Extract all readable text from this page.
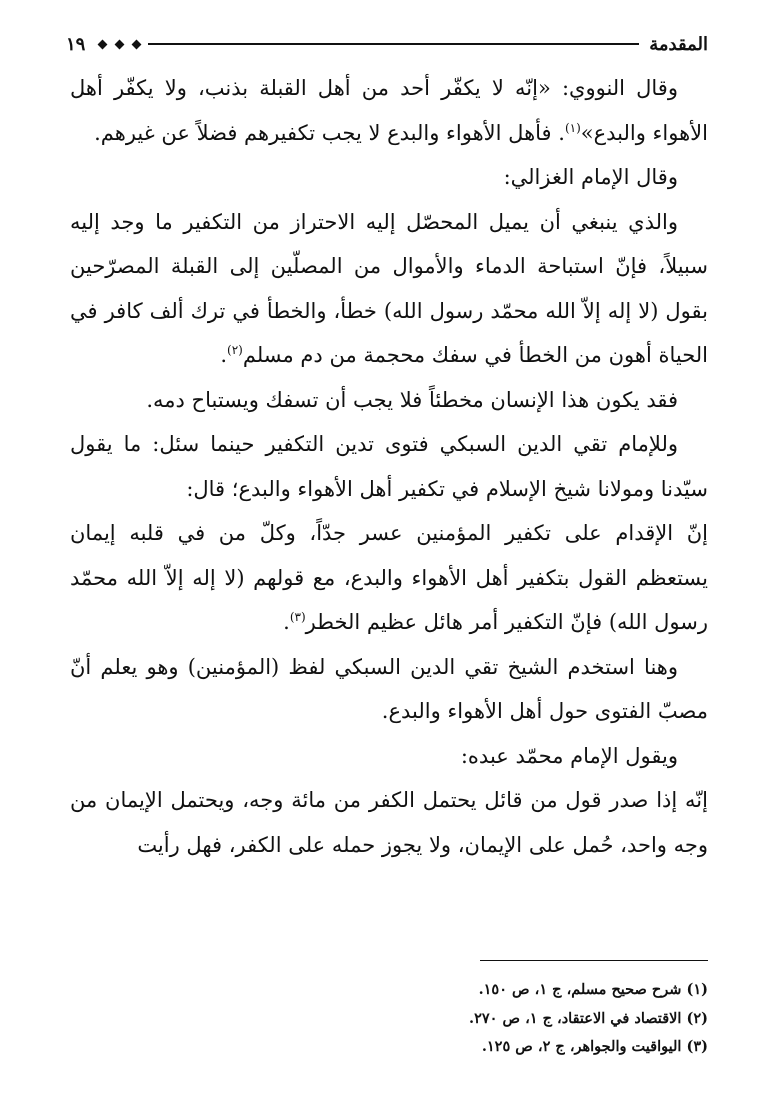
المقدمة
١٩

وقال النووي: «إنّه لا يكفّر أحد من أهل القبلة بذنب، ولا يكفّر أهل الأهواء والبدع»$^{(١)}$. فأهل الأهواء والبدع لا يجب تكفيرهم فضلاً عن غيرهم.

وقال الإمام الغزالي:

والذي ينبغي أن يميل المحصّل إليه الاحتراز من التكفير ما وجد إليه سبيلاً، فإنّ استباحة الدماء والأموال من المصلّين إلى القبلة المصرّحين بقول (لا إله إلاّ الله محمّد رسول الله) خطأ، والخطأ في ترك ألف كافر في الحياة أهون من الخطأ في سفك محجمة من دم مسلم$^{(٢)}$.

فقد يكون هذا الإنسان مخطئاً فلا يجب أن تسفك ويستباح دمه.

وللإمام تقي الدين السبكي فتوى تدين التكفير حينما سئل: ما يقول سيّدنا ومولانا شيخ الإسلام في تكفير أهل الأهواء والبدع؛ قال:

إنّ الإقدام على تكفير المؤمنين عسر جدّاً، وكلّ من في قلبه إيمان يستعظم القول بتكفير أهل الأهواء والبدع، مع قولهم (لا إله إلاّ الله محمّد رسول الله) فإنّ التكفير أمر هائل عظيم الخطر$^{(٣)}$.

وهنا استخدم الشيخ تقي الدين السبكي لفظ (المؤمنين) وهو يعلم أنّ مصبّ الفتوى حول أهل الأهواء والبدع.

ويقول الإمام محمّد عبده:

إنّه إذا صدر قول من قائل يحتمل الكفر من مائة وجه، ويحتمل الإيمان من وجه واحد، حُمل على الإيمان، ولا يجوز حمله على الكفر، فهل رأيت

(١) شرح صحيح مسلم، ج ١، ص ١٥٠.
(٢) الاقتصاد في الاعتقاد، ج ١، ص ٢٧٠.
(٣) اليواقيت والجواهر، ج ٢، ص ١٢٥.
